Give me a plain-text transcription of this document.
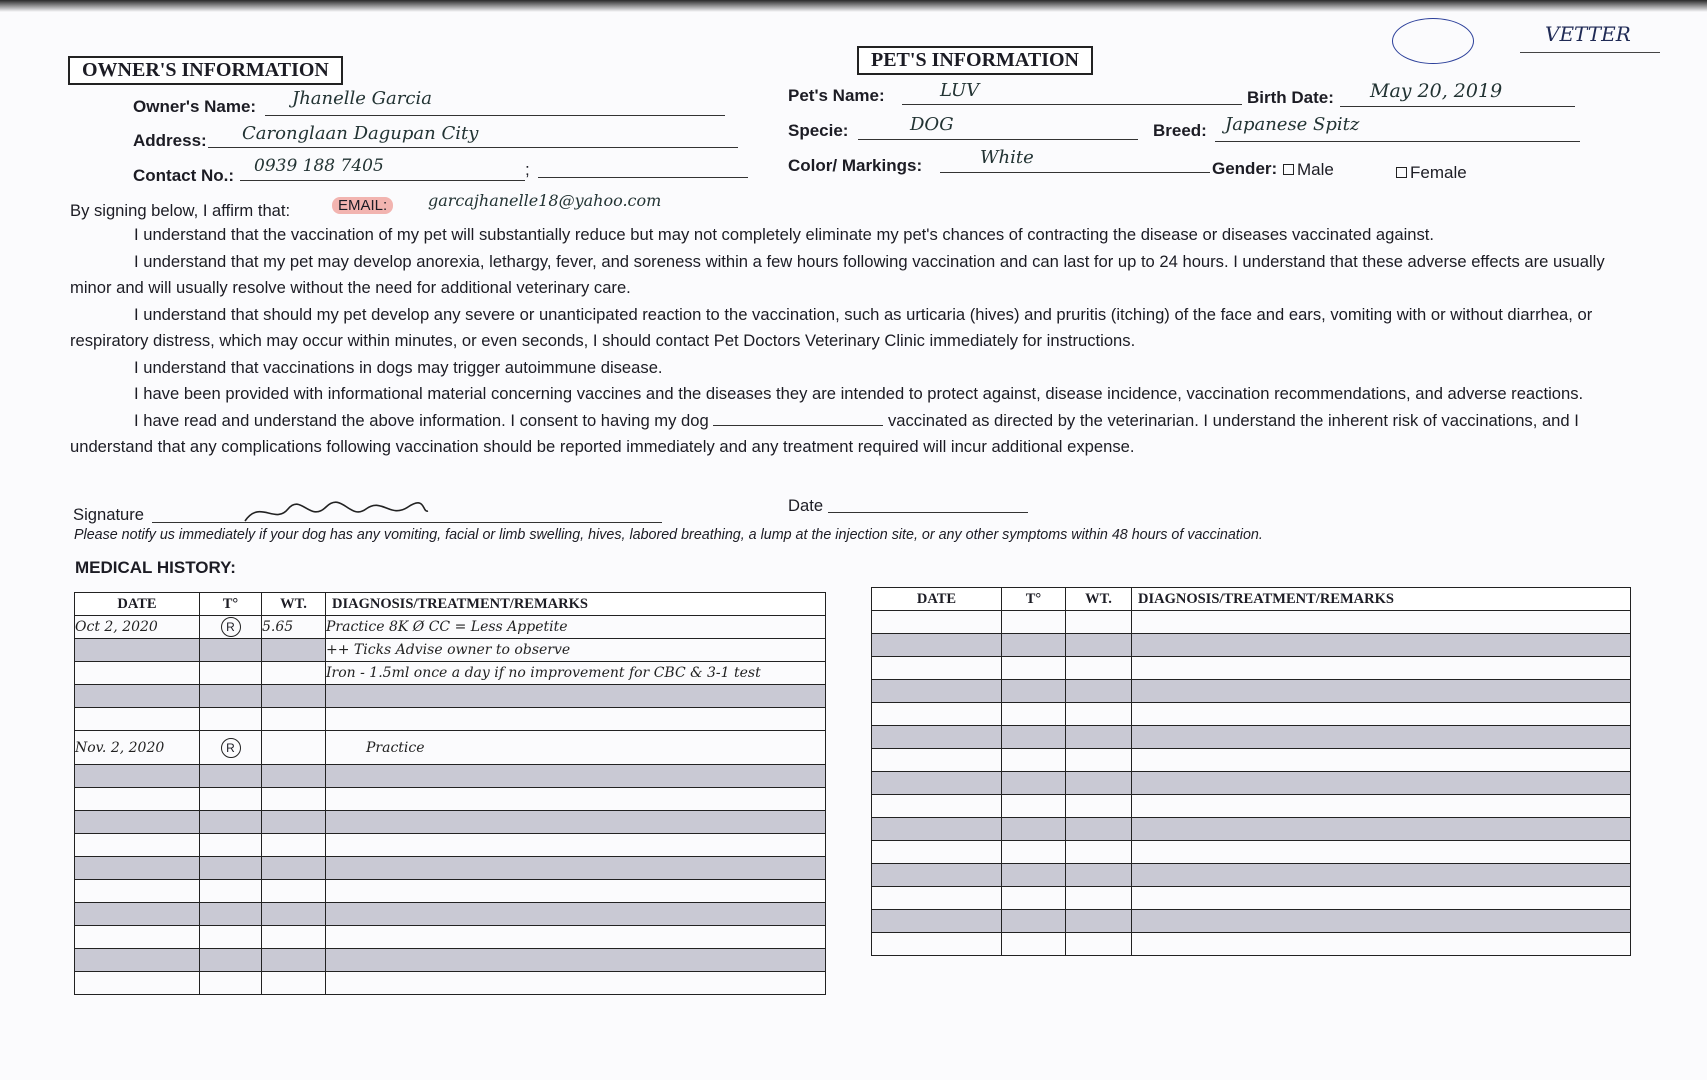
OWNER'S INFORMATION	PET'S INFORMATION
VETTER
Owner's Name: Jhanelle Garcia
Address: Caronglaan Dagupan City
Contact No.: 0939 188 7405	;
Pet's Name:	LUV	Birth Date: May 20, 2019
Specie:	DOG	Breed: Japanese Spitz
Color/ Markings:	White
Gender:	Male	Female
By signing below, I affirm that:	EMAIL:	garcajhanelle18@yahoo.com

I understand that the vaccination of my pet will substantially reduce but may not completely eliminate my pet's chances of contracting the disease or diseases vaccinated against.

I understand that my pet may develop anorexia, lethargy, fever, and soreness within a few hours following vaccination and can last for up to 24 hours. I understand that these adverse effects are usually minor and will usually resolve without the need for additional veterinary care.

I understand that should my pet develop any severe or unanticipated reaction to the vaccination, such as urticaria (hives) and pruritis (itching) of the face and ears, vomiting with or without diarrhea, or respiratory distress, which may occur within minutes, or even seconds, I should contact Pet Doctors Veterinary Clinic immediately for instructions.

I understand that vaccinations in dogs may trigger autoimmune disease.

I have been provided with informational material concerning vaccines and the diseases they are intended to protect against, disease incidence, vaccination recommendations, and adverse reactions.

I have read and understand the above information. I consent to having my dog	vaccinated as directed by the veterinarian. I understand the inherent risk of vaccinations, and I understand that any complications following vaccination should be reported immediately and any treatment required will incur additional expense.

Signature	Date
Please notify us immediately if your dog has any vomiting, facial or limb swelling, hives, labored breathing, a lump at the injection site, or any other symptoms within 48 hours of vaccination.
MEDICAL HISTORY:
DATE	T°	WT.	DIAGNOSIS/TREATMENT/REMARKS
Oct 2, 2020	R	5.65	Practice 8K Ø CC = Less Appetite
			++ Ticks Advise owner to observe
			Iron - 1.5ml once a day if no improvement for CBC & 3-1 test

Nov. 2, 2020	R		Practice

DATE	T°	WT.	DIAGNOSIS/TREATMENT/REMARKS
